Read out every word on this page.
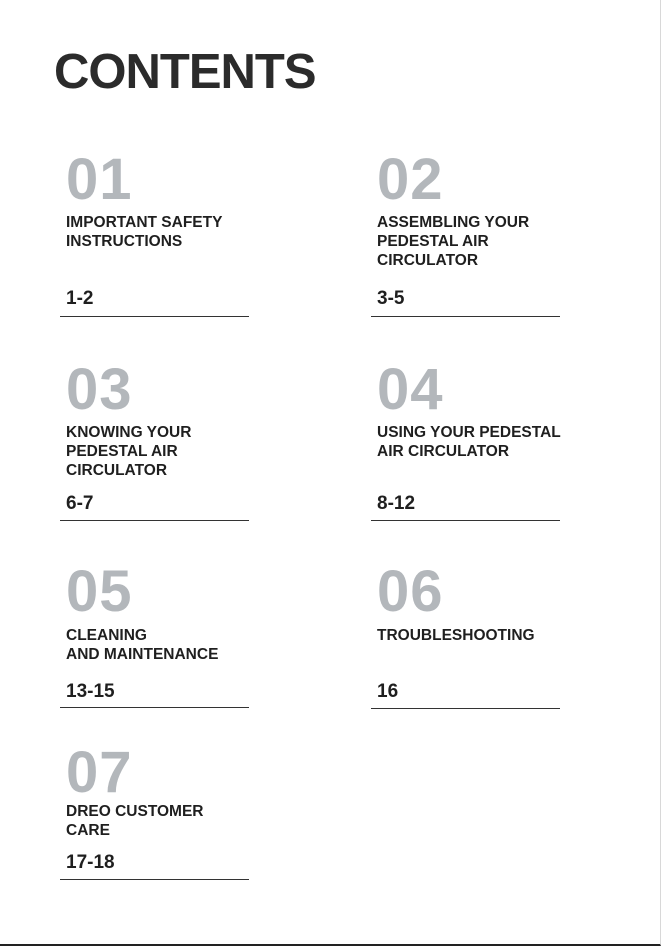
CONTENTS
01
IMPORTANT SAFETY
INSTRUCTIONS
1-2
02
ASSEMBLING YOUR
PEDESTAL AIR
CIRCULATOR
3-5
03
KNOWING YOUR
PEDESTAL AIR
CIRCULATOR
6-7
04
USING YOUR PEDESTAL
AIR CIRCULATOR
8-12
05
CLEANING
AND MAINTENANCE
13-15
06
TROUBLESHOOTING
16
07
DREO CUSTOMER
CARE
17-18
